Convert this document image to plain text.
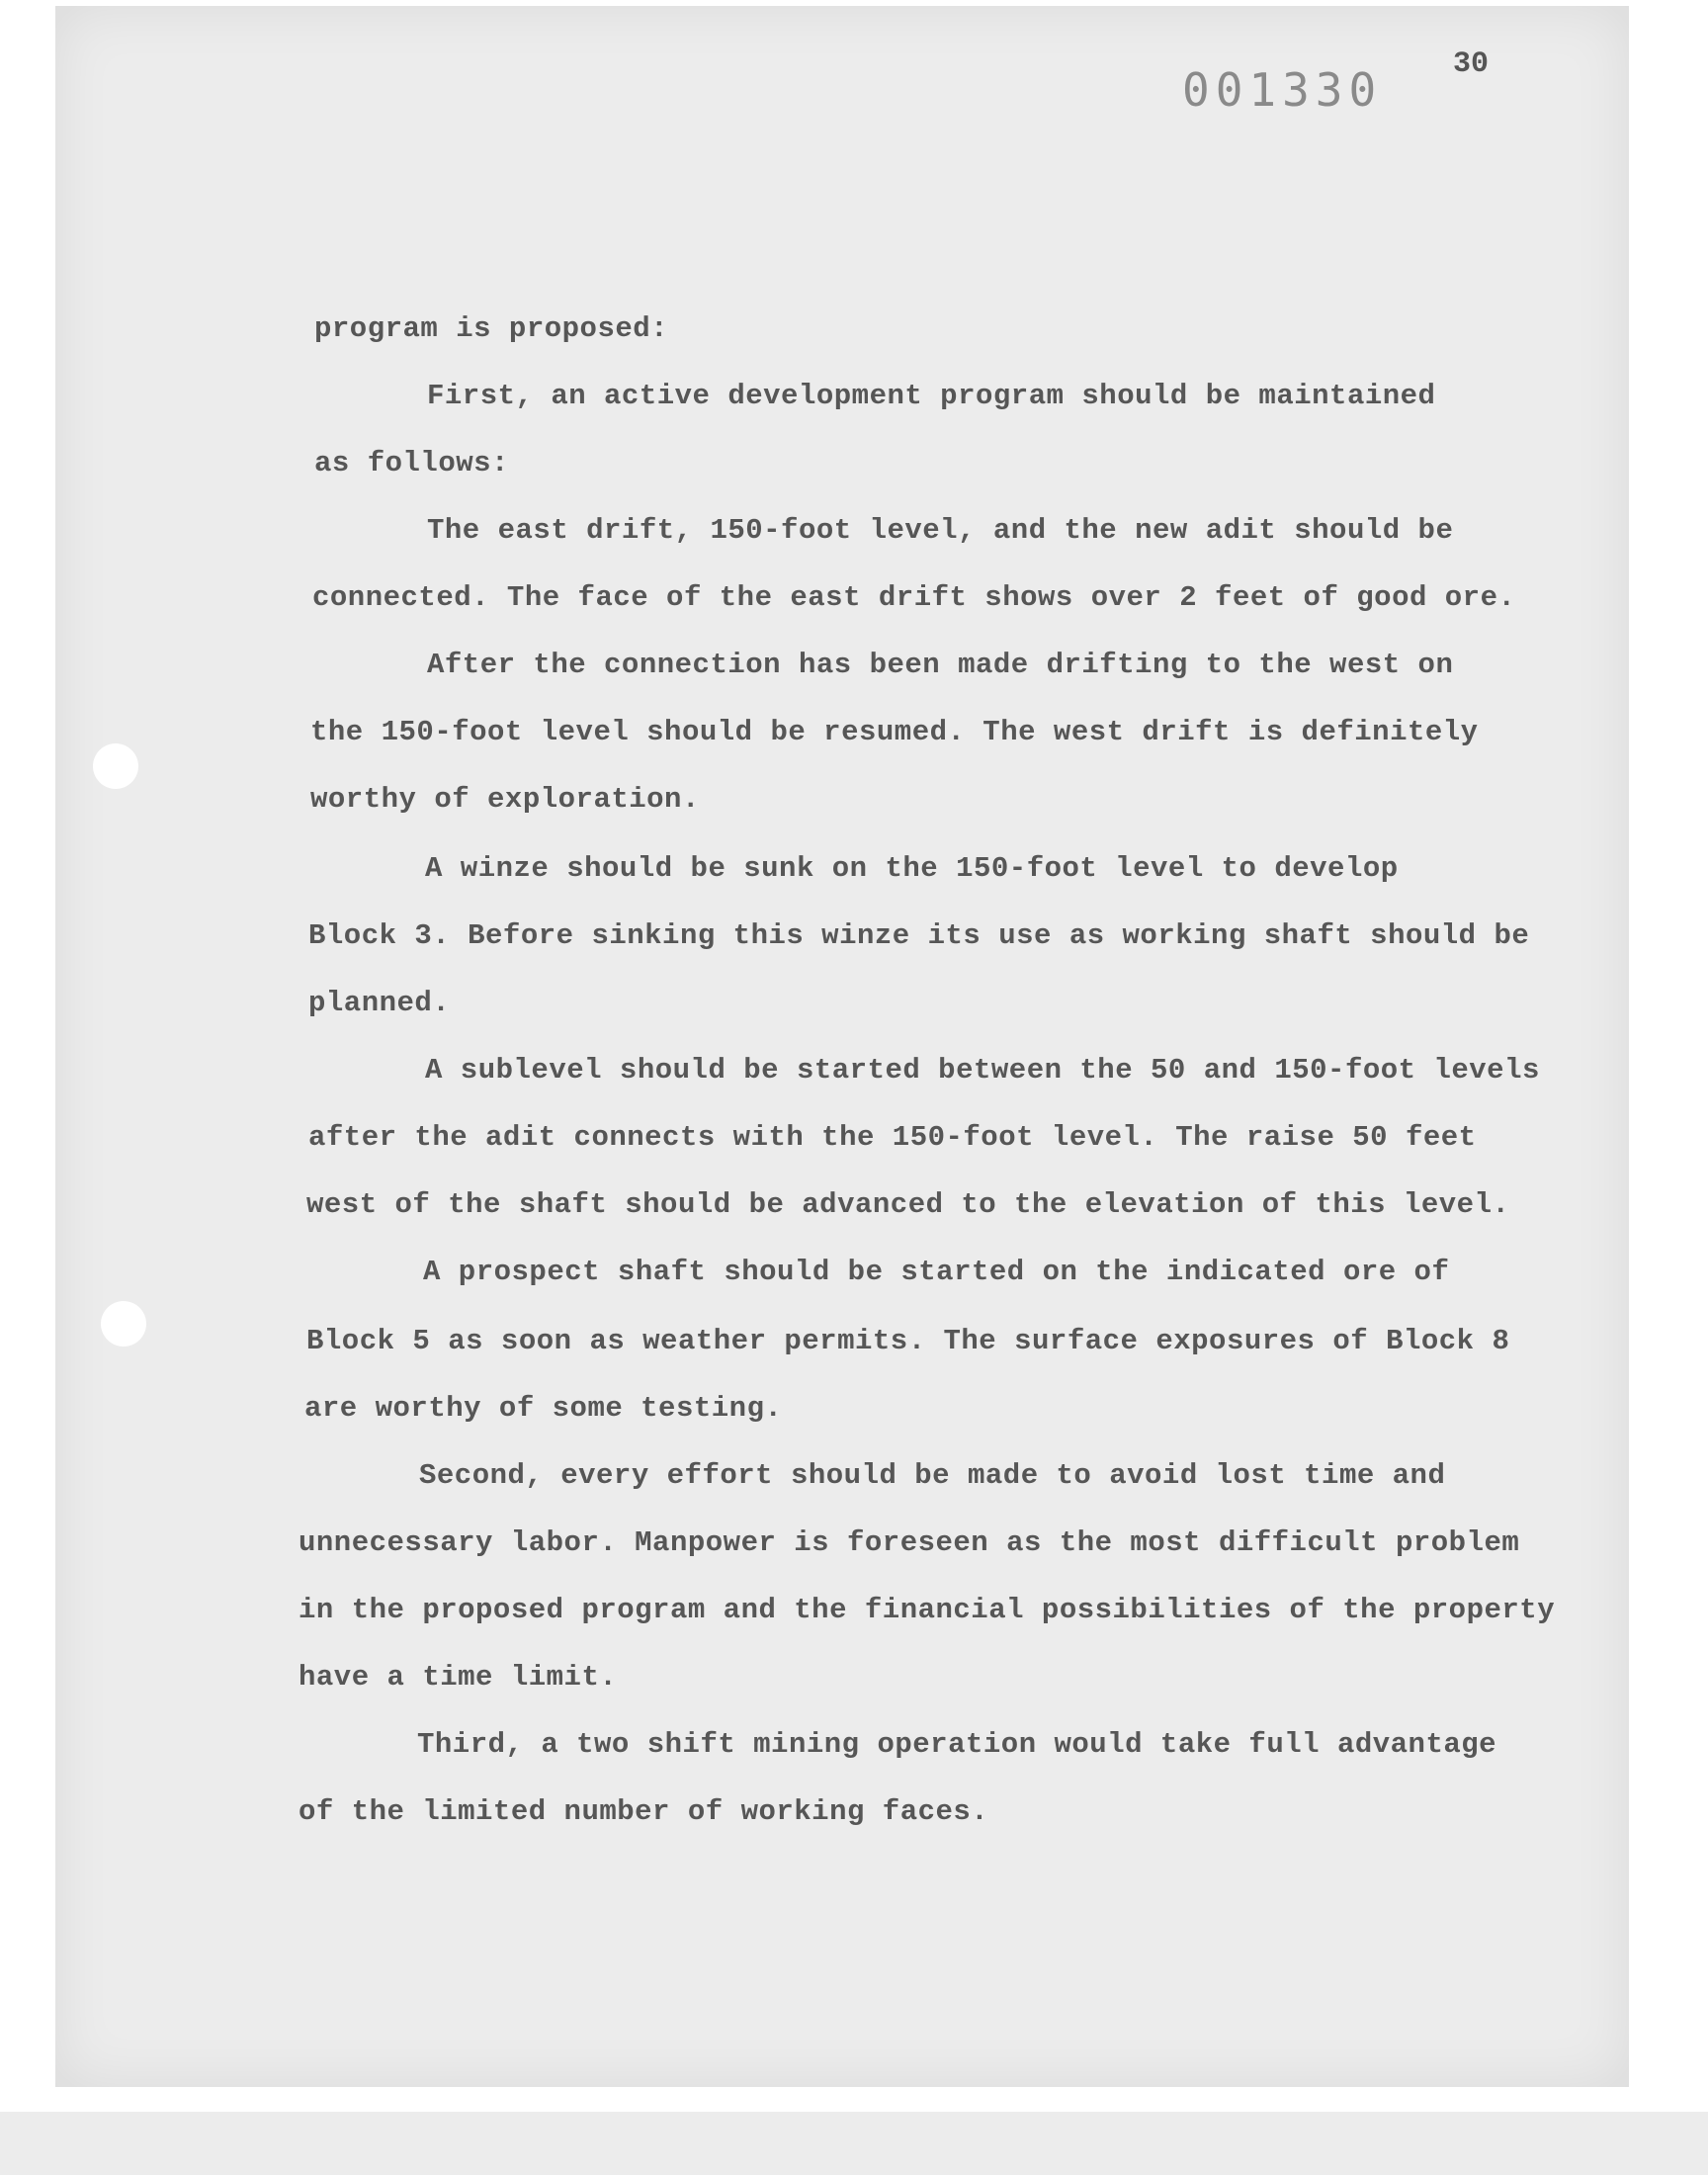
001330 30
program is proposed:
First, an active development program should be maintained
as follows:
The east drift, 150-foot level, and the new adit should be
connected. The face of the east drift shows over 2 feet of good ore.
After the connection has been made drifting to the west on
the 150-foot level should be resumed. The west drift is definitely
worthy of exploration.
A winze should be sunk on the 150-foot level to develop
Block 3. Before sinking this winze its use as working shaft should be
planned.
A sublevel should be started between the 50 and 150-foot levels
after the adit connects with the 150-foot level. The raise 50 feet
west of the shaft should be advanced to the elevation of this level.
A prospect shaft should be started on the indicated ore of
Block 5 as soon as weather permits. The surface exposures of Block 8
are worthy of some testing.
Second, every effort should be made to avoid lost time and
unnecessary labor. Manpower is foreseen as the most difficult problem
in the proposed program and the financial possibilities of the property
have a time limit.
Third, a two shift mining operation would take full advantage
of the limited number of working faces.
